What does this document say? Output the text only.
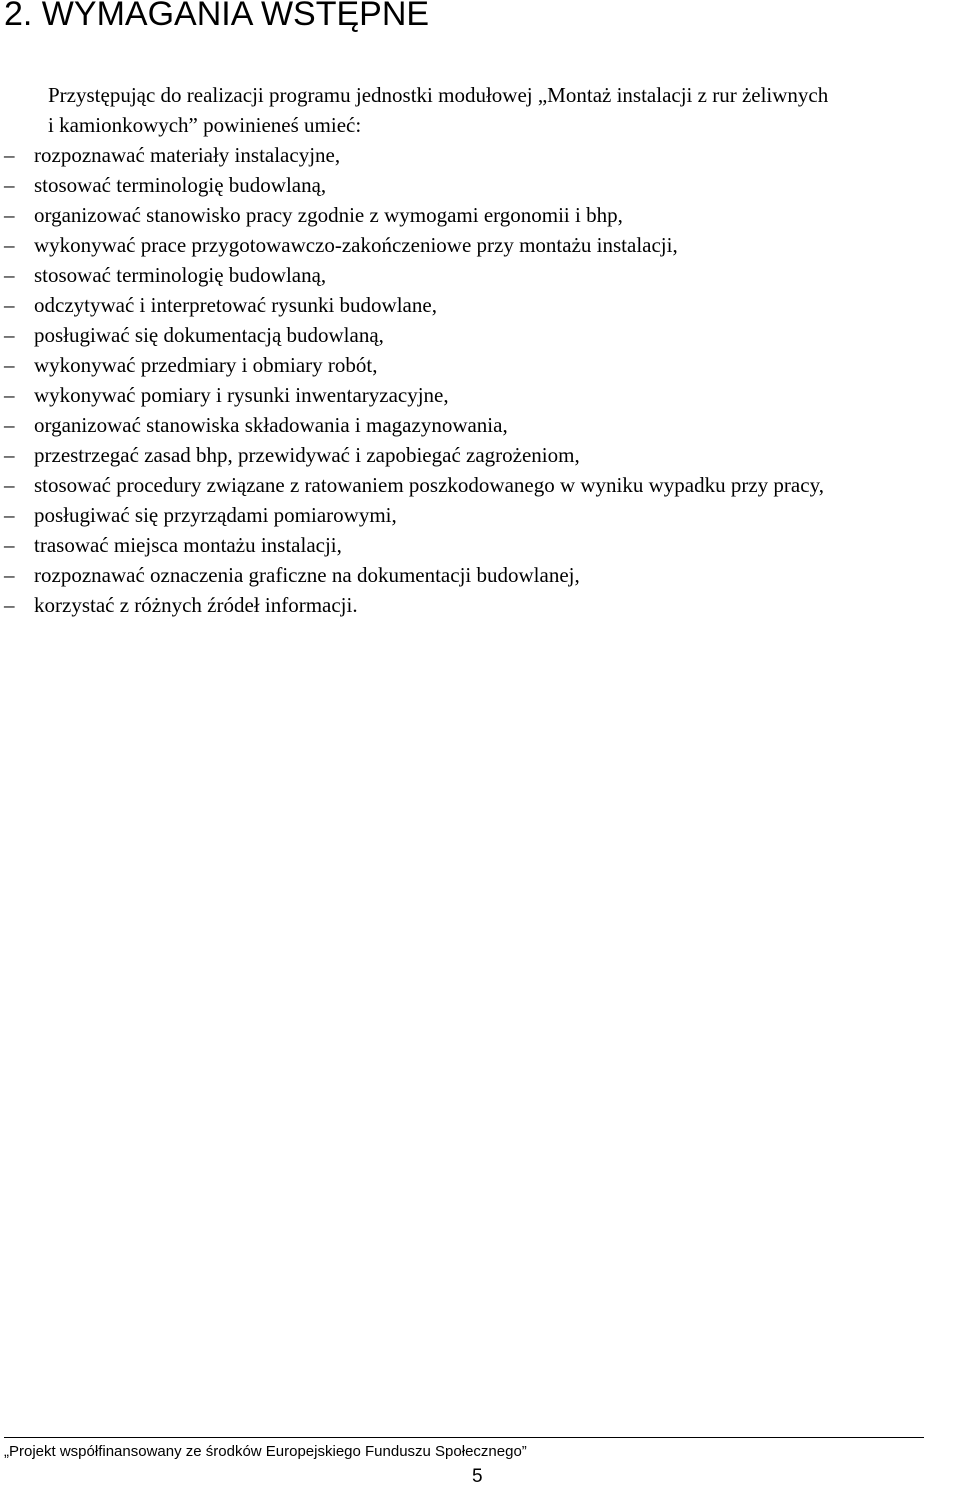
2. WYMAGANIA WSTĘPNE

Przystępując do realizacji programu jednostki modułowej „Montaż instalacji z rur żeliwnych
i kamionkowych” powinieneś umieć:

– rozpoznawać materiały instalacyjne,
– stosować terminologię budowlaną,
– organizować stanowisko pracy zgodnie z wymogami ergonomii i bhp,
– wykonywać prace przygotowawczo-zakończeniowe przy montażu instalacji,
– stosować terminologię budowlaną,
– odczytywać i interpretować rysunki budowlane,
– posługiwać się dokumentacją budowlaną,
– wykonywać przedmiary i obmiary robót,
– wykonywać pomiary i rysunki inwentaryzacyjne,
– organizować stanowiska składowania i magazynowania,
– przestrzegać zasad bhp, przewidywać i zapobiegać zagrożeniom,
– stosować procedury związane z ratowaniem poszkodowanego w wyniku wypadku przy pracy,
– posługiwać się przyrządami pomiarowymi,
– trasować miejsca montażu instalacji,
– rozpoznawać oznaczenia graficzne na dokumentacji budowlanej,
– korzystać z różnych źródeł informacji.
„Projekt współfinansowany ze środków Europejskiego Funduszu Społecznego”
5
